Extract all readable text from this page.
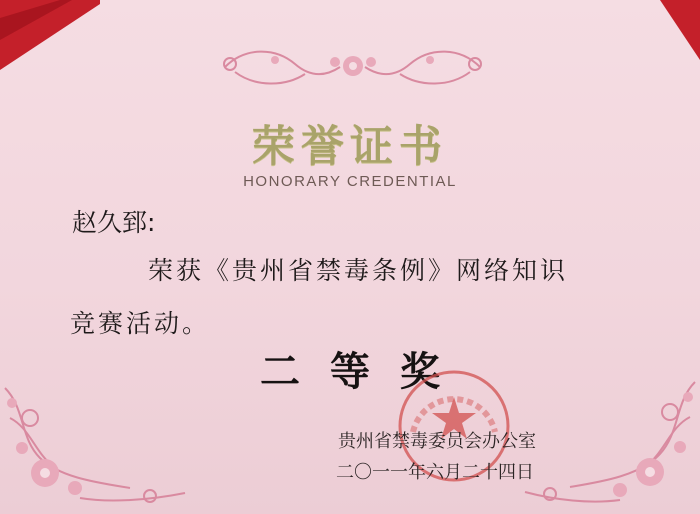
荣誉证书
HONORARY CREDENTIAL
赵久郅:
荣获《贵州省禁毒条例》网络知识
竞赛活动。
二等奖
贵州省禁毒委员会办公室
二〇一一年六月二十四日
